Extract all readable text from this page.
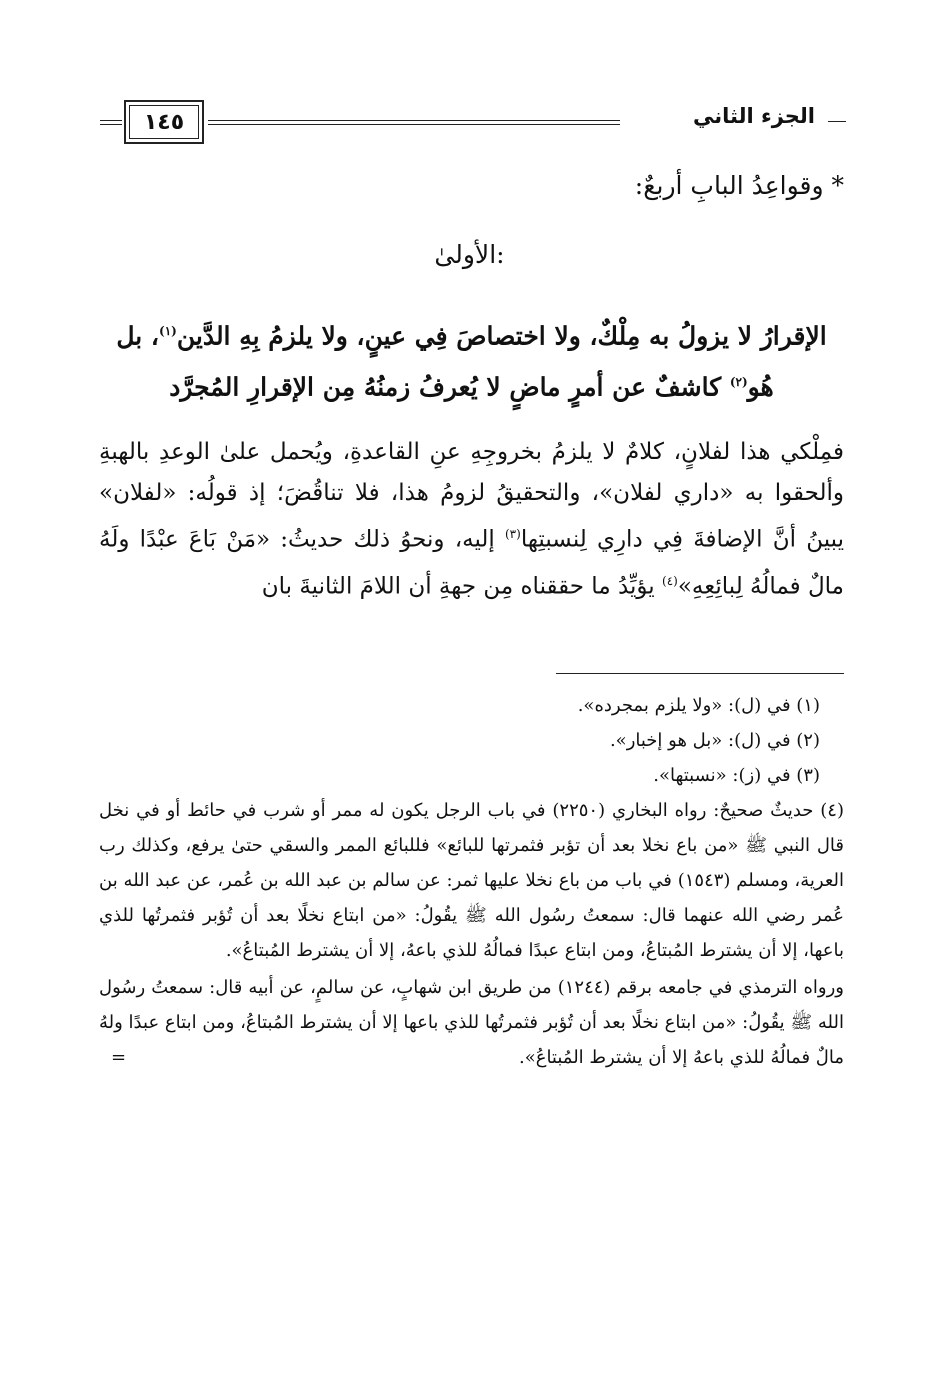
١٤٥	الجزء الثاني
* وقواعِدُ البابِ أربعٌ:
الأولىٰ:
الإقرارُ لا يزولُ به مِلْكٌ، ولا اختصاصَ فِي عينٍ، ولا يلزمُ بِهِ الدَّين$^{(١)}$، بل
هُو$^{(٢)}$ كاشفٌ عن أمرٍ ماضٍ لا يُعرفُ زمنُهُ مِن الإقرارِ المُجرَّد

فمِلْكي هذا لفلانٍ، كلامٌ لا يلزمُ بخروجِهِ عنِ القاعدةِ، ويُحمل علىٰ الوعدِ بالهبةِ وألحقوا به «داري لفلان»، والتحقيقُ لزومُ هذا، فلا تناقُضَ؛ إذ قولُه: «لفلان» يبينُ أنَّ الإضافةَ فِي دارِي لِنسبتِها$^{(٣)}$ إليه، ونحوُ ذلك حديثُ: «مَنْ بَاعَ عبْدًا ولَهُ مالٌ فمالُهُ لِبائِعِهِ»$^{(٤)}$ يؤيِّدُ ما حققناه مِن جهةِ أن اللامَ الثانيةَ بان

(١) في (ل): «ولا يلزم بمجرده».

(٢) في (ل): «بل هو إخبار».

(٣) في (ز): «نسبتها».

(٤) حديثٌ صحيحٌ: رواه البخاري (٢٢٥٠) في باب الرجل يكون له ممر أو شرب في حائط أو في نخل قال النبي ﷺ «من باع نخلا بعد أن تؤبر فثمرتها للبائع» فللبائع الممر والسقي حتىٰ يرفع، وكذلك رب العرية، ومسلم (١٥٤٣) في باب من باع نخلا عليها ثمر: عن سالم بن عبد الله بن عُمر، عن عبد الله بن عُمر رضي الله عنهما قال: سمعتُ رسُول الله ﷺ يقُولُ: «من ابتاع نخلًا بعد أن تُؤبر فثمرتُها للذي باعها، إلا أن يشترط المُبتاعُ، ومن ابتاع عبدًا فمالُهُ للذي باعهُ، إلا أن يشترط المُبتاعُ».

ورواه الترمذي في جامعه برقم (١٢٤٤) من طريق ابن شهابٍ، عن سالمٍ، عن أبيه قال: سمعتُ رسُول الله ﷺ يقُولُ: «من ابتاع نخلًا بعد أن تُؤبر فثمرتُها للذي باعها إلا أن يشترط المُبتاعُ، ومن ابتاع عبدًا ولهُ مالٌ فمالُهُ للذي باعهُ إلا أن يشترط المُبتاعُ».
=
